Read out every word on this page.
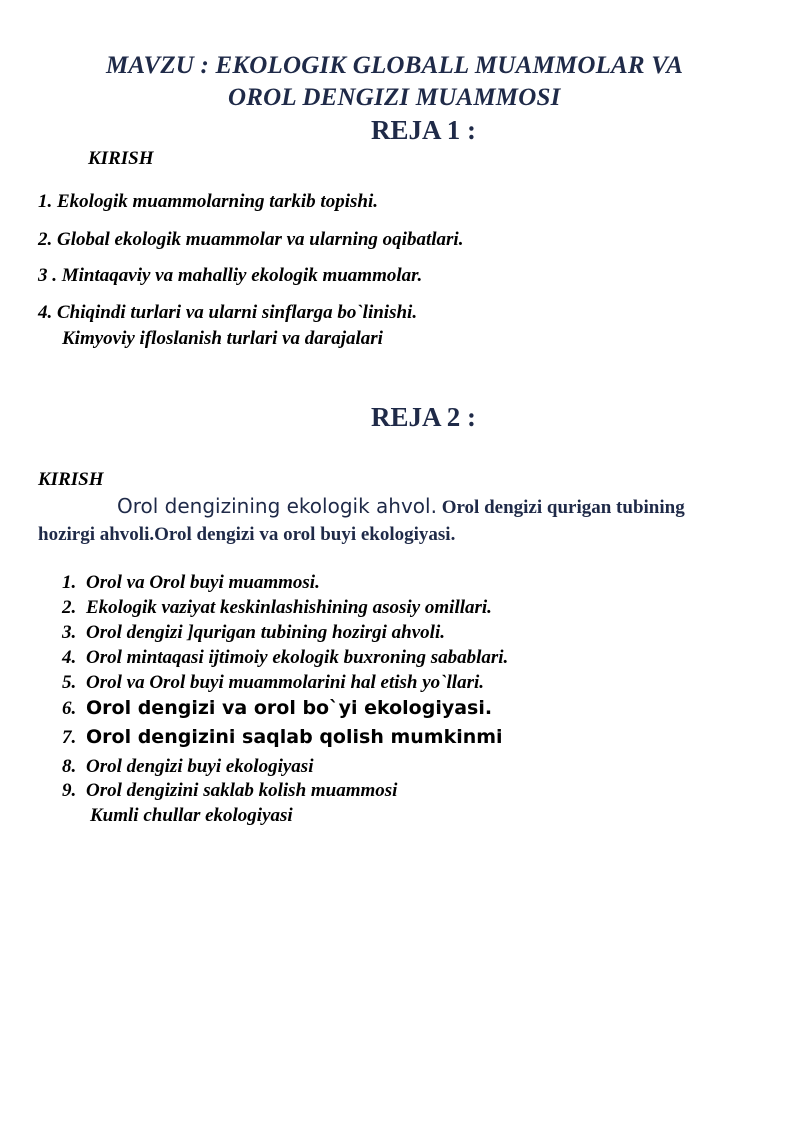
MAVZU : EKOLOGIK GLOBALL MUAMMOLAR VA
OROL DENGIZI MUAMMOSI
REJA 1 :
KIRISH
1. Ekologik muammolarning tarkib topishi.
2. Global ekologik muammolar va ularning oqibatlari.
3 . Mintaqaviy va mahalliy ekologik muammolar.
4. Chiqindi turlari va ularni sinflarga bo`linishi.
Kimyoviy ifloslanish turlari va darajalari
REJA 2 :
KIRISH
Orol dengizining ekologik ahvol. Orol dengizi qurigan tubining
hozirgi ahvoli.Orol dengizi va orol buyi ekologiyasi.
1. Orol va Orol buyi muammosi.
2. Ekologik vaziyat keskinlashishining asosiy omillari.
3. Orol dengizi ]qurigan tubining hozirgi ahvoli.
4. Orol mintaqasi ijtimoiy ekologik buxroning sabablari.
5. Orol va Orol buyi muammolarini hal etish yo`llari.
6. Orol dengizi va orol bo`yi ekologiyasi.
7. Orol dengizini saqlab qolish mumkinmi
8. Orol dengizi buyi ekologiyasi
9. Orol dengizini saklab kolish muammosi
Kumli chullar ekologiyasi
